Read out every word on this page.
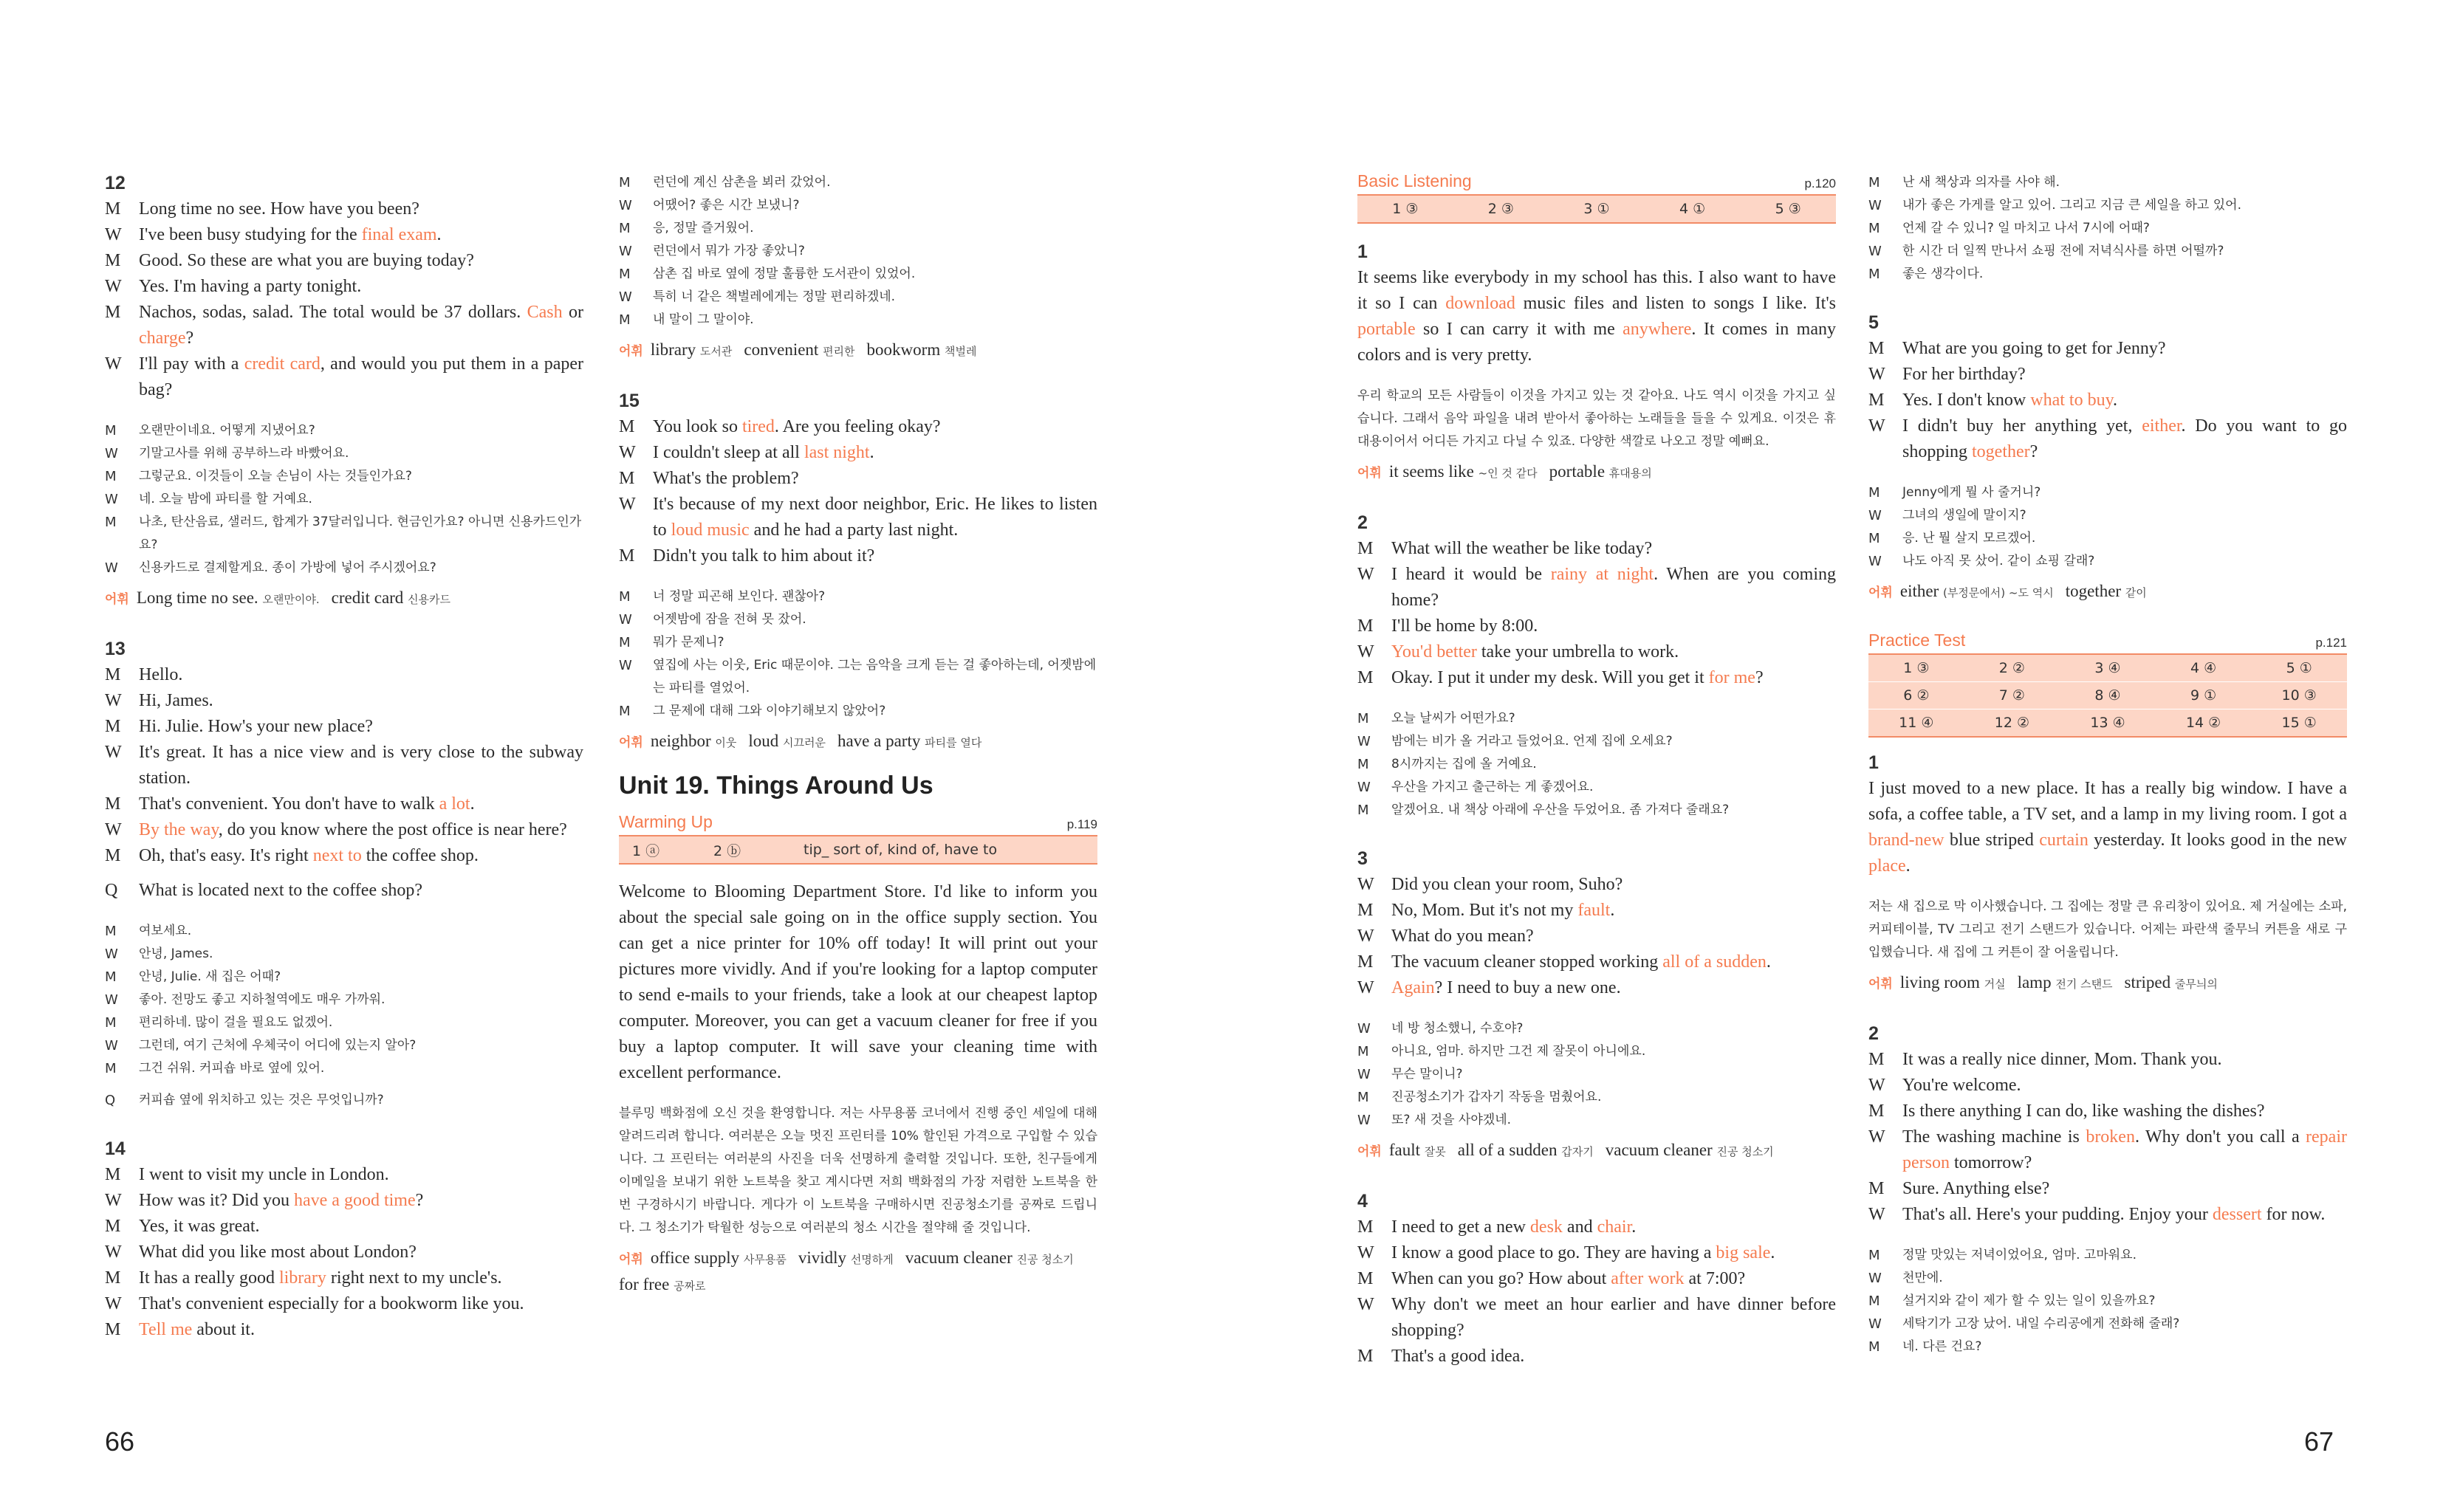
12
M	Long time no see. How have you been?
W I've been busy studying for the final exam.
M	Good. So these are what you are buying today?
W Yes. I'm having a party tonight.
M	Nachos, sodas, salad. The total would be 37 dollars. Cash or charge?
W I'll pay with a credit card, and would you put them in a paper bag?
M	오랜만이네요. 어떻게 지냈어요?
W	기말고사를 위해 공부하느라 바빴어요.
M	그렇군요. 이것들이 오늘 손님이 사는 것들인가요?
W	네. 오늘 밤에 파티를 할 거예요.
M	나초, 탄산음료, 샐러드, 합계가 37달러입니다. 현금인가요? 아니면 신용카드인가요?
W	신용카드로 결제할게요. 종이 가방에 넣어 주시겠어요?
어휘 Long time no see. 오랜만이야. credit card 신용카드
13
M	Hello.
W Hi, James.
M	Hi. Julie. How's your new place?
W It's great. It has a nice view and is very close to the subway station.
M	That's convenient. You don't have to walk a lot.
W By the way, do you know where the post office is near here?
M	Oh, that's easy. It's right next to the coffee shop.
Q	What is located next to the coffee shop?
M	여보세요.
W	안녕, James.
M	안녕, Julie. 새 집은 어때?
W	좋아. 전망도 좋고 지하철역에도 매우 가까워.
M	편리하네. 많이 걸을 필요도 없겠어.
W	그런데, 여기 근처에 우체국이 어디에 있는지 알아?
M	그건 쉬워. 커피숍 바로 옆에 있어.
Q	커피숍 옆에 위치하고 있는 것은 무엇입니까?
14
M	I went to visit my uncle in London.
W How was it? Did you have a good time?
M	Yes, it was great.
W What did you like most about London?
M	It has a really good library right next to my uncle's.
W That's convenient especially for a bookworm like you.
M	Tell me about it.
M	런던에 계신 삼촌을 뵈러 갔었어.
W	어땠어? 좋은 시간 보냈니?
M	응, 정말 즐거웠어.
W	런던에서 뭐가 가장 좋았니?
M	삼촌 집 바로 옆에 정말 훌륭한 도서관이 있었어.
W	특히 너 같은 책벌레에게는 정말 편리하겠네.
M	내 말이 그 말이야.
어휘 library 도서관 convenient 편리한 bookworm 책벌레
15
M	You look so tired. Are you feeling okay?
W I couldn't sleep at all last night.
M	What's the problem?
W It's because of my next door neighbor, Eric. He likes to listen to loud music and he had a party last night.
M	Didn't you talk to him about it?
M	너 정말 피곤해 보인다. 괜찮아?
W	어젯밤에 잠을 전혀 못 잤어.
M	뭐가 문제니?
W	옆집에 사는 이웃, Eric 때문이야. 그는 음악을 크게 듣는 걸 좋아하는데, 어젯밤에는 파티를 열었어.
M	그 문제에 대해 그와 이야기해보지 않았어?
어휘 neighbor 이웃 loud 시끄러운 have a party 파티를 열다
Unit 19. Things Around Us
Warming Up	p.119
1 ⓐ	2 ⓑ	tip_ sort of, kind of, have to
Welcome to Blooming Department Store. I'd like to inform you about the special sale going on in the office supply section. You can get a nice printer for 10% off today! It will print out your pictures more vividly. And if you're looking for a laptop computer to send e-mails to your friends, take a look at our cheapest laptop computer. Moreover, you can get a vacuum cleaner for free if you buy a laptop computer. It will save your cleaning time with excellent performance.
블루밍 백화점에 오신 것을 환영합니다. 저는 사무용품 코너에서 진행 중인 세일에 대해 알려드리려 합니다. 여러분은 오늘 멋진 프린터를 10% 할인된 가격으로 구입할 수 있습니다. 그 프린터는 여러분의 사진을 더욱 선명하게 출력할 것입니다. 또한, 친구들에게 이메일을 보내기 위한 노트북을 찾고 계시다면 저희 백화점의 가장 저렴한 노트북을 한번 구경하시기 바랍니다. 게다가 이 노트북을 구매하시면 진공청소기를 공짜로 드립니다. 그 청소기가 탁월한 성능으로 여러분의 청소 시간을 절약해 줄 것입니다.
어휘 office supply 사무용품 vividly 선명하게 vacuum cleaner 진공 청소기for free 공짜로
Basic Listening	p.120
1 ③	2 ③	3 ①	4 ①	5 ③
1
It seems like everybody in my school has this. I also want to have it so I can download music files and listen to songs I like. It's portable so I can carry it with me anywhere. It comes in many colors and is very pretty.
우리 학교의 모든 사람들이 이것을 가지고 있는 것 같아요. 나도 역시 이것을 가지고 싶습니다. 그래서 음악 파일을 내려 받아서 좋아하는 노래들을 들을 수 있게요. 이것은 휴대용이어서 어디든 가지고 다닐 수 있죠. 다양한 색깔로 나오고 정말 예뻐요.
어휘 it seems like ~인 것 같다 portable 휴대용의
2
M	What will the weather be like today?
W I heard it would be rainy at night. When are you coming home?
M	I'll be home by 8:00.
W You'd better take your umbrella to work.
M	Okay. I put it under my desk. Will you get it for me?
M	오늘 날씨가 어떤가요?
W	밤에는 비가 올 거라고 들었어요. 언제 집에 오세요?
M	8시까지는 집에 올 거예요.
W	우산을 가지고 출근하는 게 좋겠어요.
M	알겠어요. 내 책상 아래에 우산을 두었어요. 좀 가져다 줄래요?
3
W Did you clean your room, Suho?
M	No, Mom. But it's not my fault.
W What do you mean?
M	The vacuum cleaner stopped working all of a sudden.
W Again? I need to buy a new one.
W	네 방 청소했니, 수호야?
M	아니요, 엄마. 하지만 그건 제 잘못이 아니에요.
W	무슨 말이니?
M	진공청소기가 갑자기 작동을 멈췄어요.
W	또? 새 것을 사야겠네.
어휘 fault 잘못 all of a sudden 갑자기 vacuum cleaner 진공 청소기
4
M	I need to get a new desk and chair.
W I know a good place to go. They are having a big sale.
M	When can you go? How about after work at 7:00?
W Why don't we meet an hour earlier and have dinner before shopping?
M	That's a good idea.
M	난 새 책상과 의자를 사야 해.
W	내가 좋은 가게를 알고 있어. 그리고 지금 큰 세일을 하고 있어.
M	언제 갈 수 있니? 일 마치고 나서 7시에 어때?
W	한 시간 더 일찍 만나서 쇼핑 전에 저녁식사를 하면 어떨까?
M	좋은 생각이다.
5
M	What are you going to get for Jenny?
W For her birthday?
M	Yes. I don't know what to buy.
W I didn't buy her anything yet, either. Do you want to go shopping together?
M	Jenny에게 뭘 사 줄거니?
W	그녀의 생일에 말이지?
M	응. 난 뭘 살지 모르겠어.
W	나도 아직 못 샀어. 같이 쇼핑 갈래?
어휘 either (부정문에서) ~도 역시 together 같이
Practice Test	p.121
1 ③	2 ②	3 ④	4 ④	5 ①
6 ②	7 ②	8 ④	9 ①	10 ③
11 ④	12 ②	13 ④	14 ②	15 ①
1
I just moved to a new place. It has a really big window. I have a sofa, a coffee table, a TV set, and a lamp in my living room. I got a brand-new blue striped curtain yesterday. It looks good in the new place.
저는 새 집으로 막 이사했습니다. 그 집에는 정말 큰 유리창이 있어요. 제 거실에는 소파, 커피테이블, TV 그리고 전기 스탠드가 있습니다. 어제는 파란색 줄무늬 커튼을 새로 구입했습니다. 새 집에 그 커튼이 잘 어울립니다.
어휘 living room 거실 lamp 전기 스탠드 striped 줄무늬의
2
M	It was a really nice dinner, Mom. Thank you.
W You're welcome.
M	Is there anything I can do, like washing the dishes?
W The washing machine is broken. Why don't you call a repair person tomorrow?
M	Sure. Anything else?
W That's all. Here's your pudding. Enjoy your dessert for now.
M	정말 맛있는 저녁이었어요, 엄마. 고마워요.
W	천만에.
M	설거지와 같이 제가 할 수 있는 일이 있을까요?
W	세탁기가 고장 났어. 내일 수리공에게 전화해 줄래?
M	네. 다른 건요?
66	67
